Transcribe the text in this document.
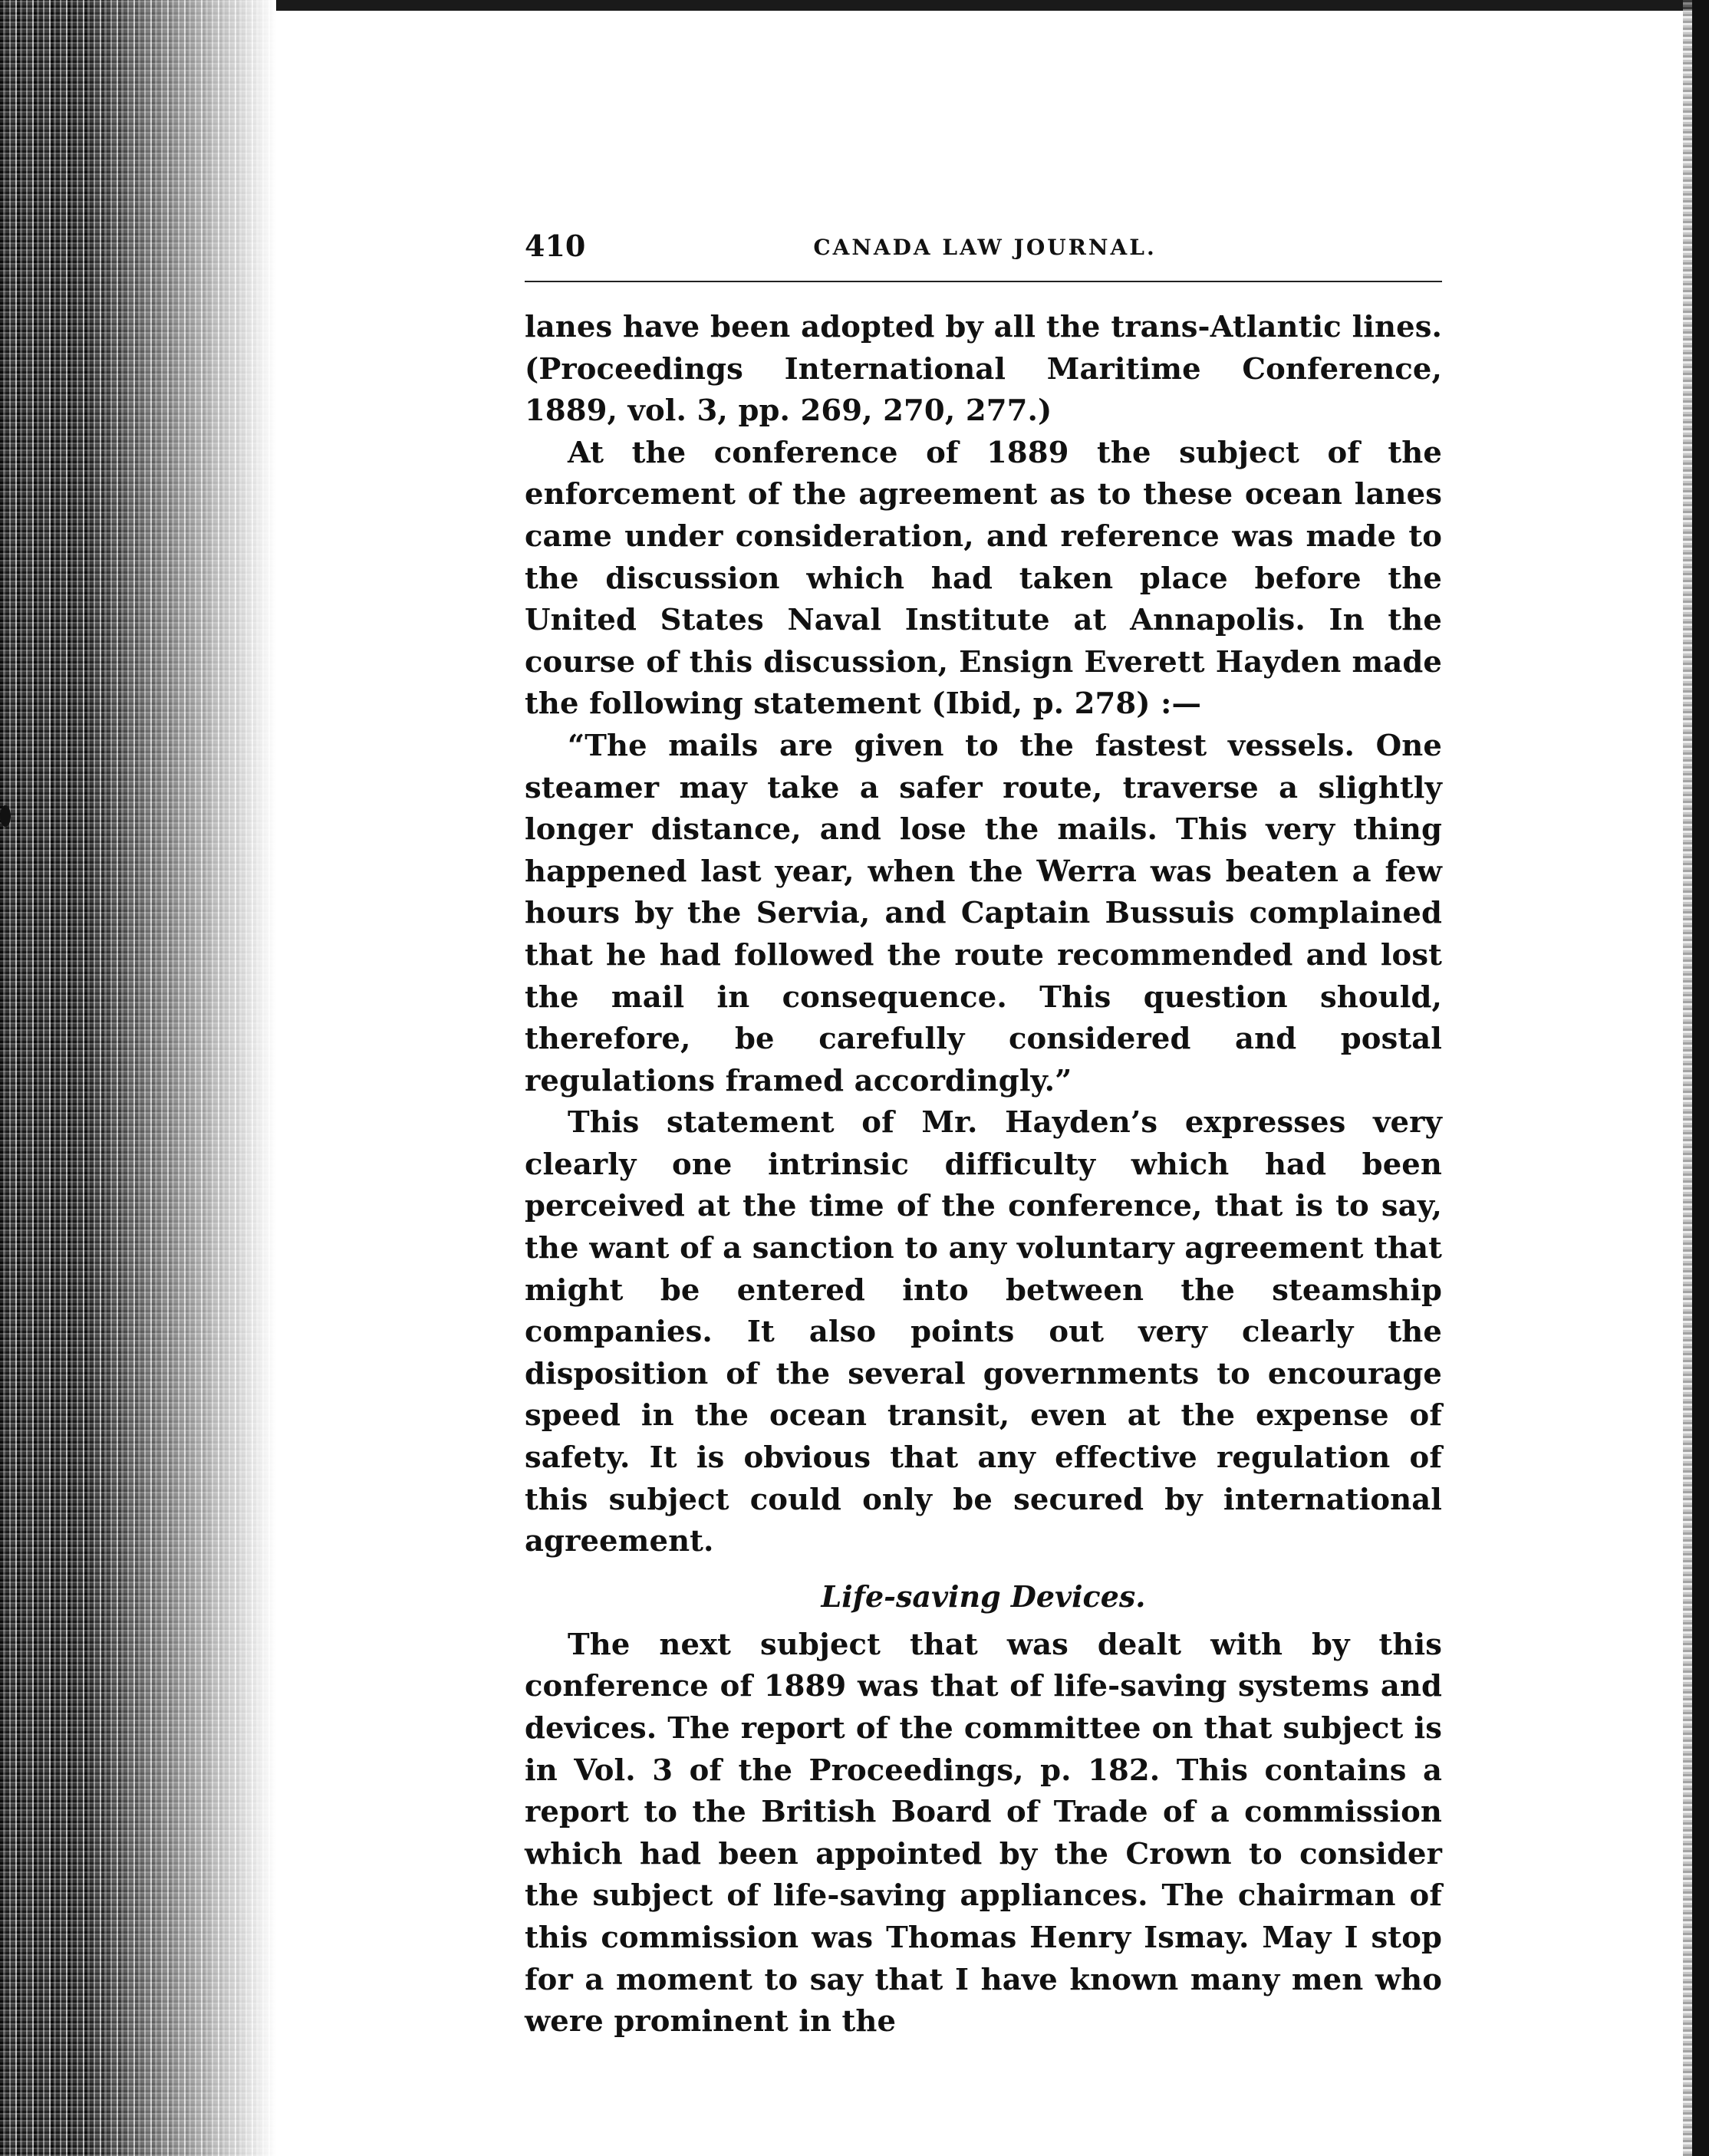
410	CANADA LAW JOURNAL.

lanes have been adopted by all the trans-Atlantic lines. (Proceedings International Maritime Conference, 1889, vol. 3, pp. 269, 270, 277.)

At the conference of 1889 the subject of the enforcement of the agreement as to these ocean lanes came under consideration, and reference was made to the discussion which had taken place before the United States Naval Institute at Annapolis. In the course of this discussion, Ensign Everett Hayden made the following statement (Ibid, p. 278) :—

“The mails are given to the fastest vessels. One steamer may take a safer route, traverse a slightly longer distance, and lose the mails. This very thing happened last year, when the Werra was beaten a few hours by the Servia, and Captain Bussuis complained that he had followed the route recommended and lost the mail in consequence. This question should, therefore, be carefully considered and postal regulations framed accordingly.”

This statement of Mr. Hayden’s expresses very clearly one intrinsic difficulty which had been perceived at the time of the conference, that is to say, the want of a sanction to any voluntary agreement that might be entered into between the steamship companies. It also points out very clearly the disposition of the several governments to encourage speed in the ocean transit, even at the expense of safety. It is obvious that any effective regulation of this subject could only be secured by international agreement.

Life-saving Devices.

The next subject that was dealt with by this conference of 1889 was that of life-saving systems and devices. The report of the committee on that subject is in Vol. 3 of the Proceedings, p. 182. This contains a report to the British Board of Trade of a commission which had been appointed by the Crown to consider the subject of life-saving appliances. The chairman of this commission was Thomas Henry Ismay. May I stop for a moment to say that I have known many men who were prominent in the
